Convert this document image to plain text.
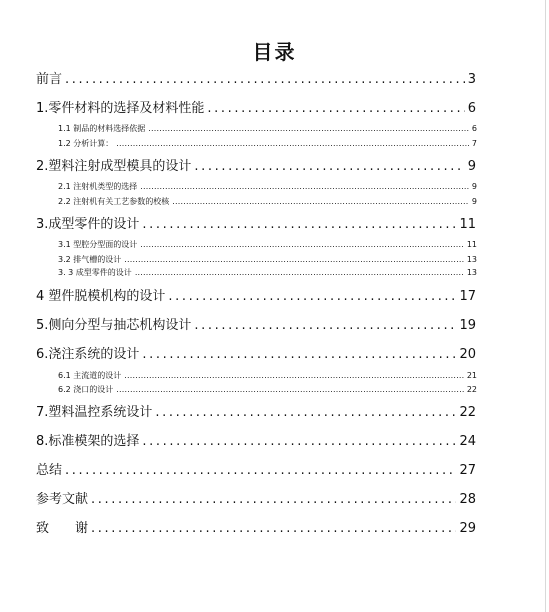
目录
前言 .....	3
1.零件材料的选择及材料性能 .....	6
1.1 制品的材料选择依据 .....	6
1.2 分析计算： .....	7
2.塑料注射成型模具的设计 .....	9
2.1 注射机类型的选择 .....	9
2.2 注射机有关工艺参数的校核 .....	9
3.成型零件的设计 .....	11
3.1 型腔分型面的设计 .....	11
3.2 排气槽的设计 .....	13
3. 3 成型零件的设计 .....	13
4 塑件脱模机构的设计 .....	17
5.侧向分型与抽芯机构设计 .....	19
6.浇注系统的设计 .....	20
6.1 主流道的设计 .....	21
6.2 浇口的设计 .....	22
7.塑料温控系统设计 .....	22
8.标准模架的选择 .....	24
总结 .....	27
参考文献 .....	28
致　　谢 .....	29
